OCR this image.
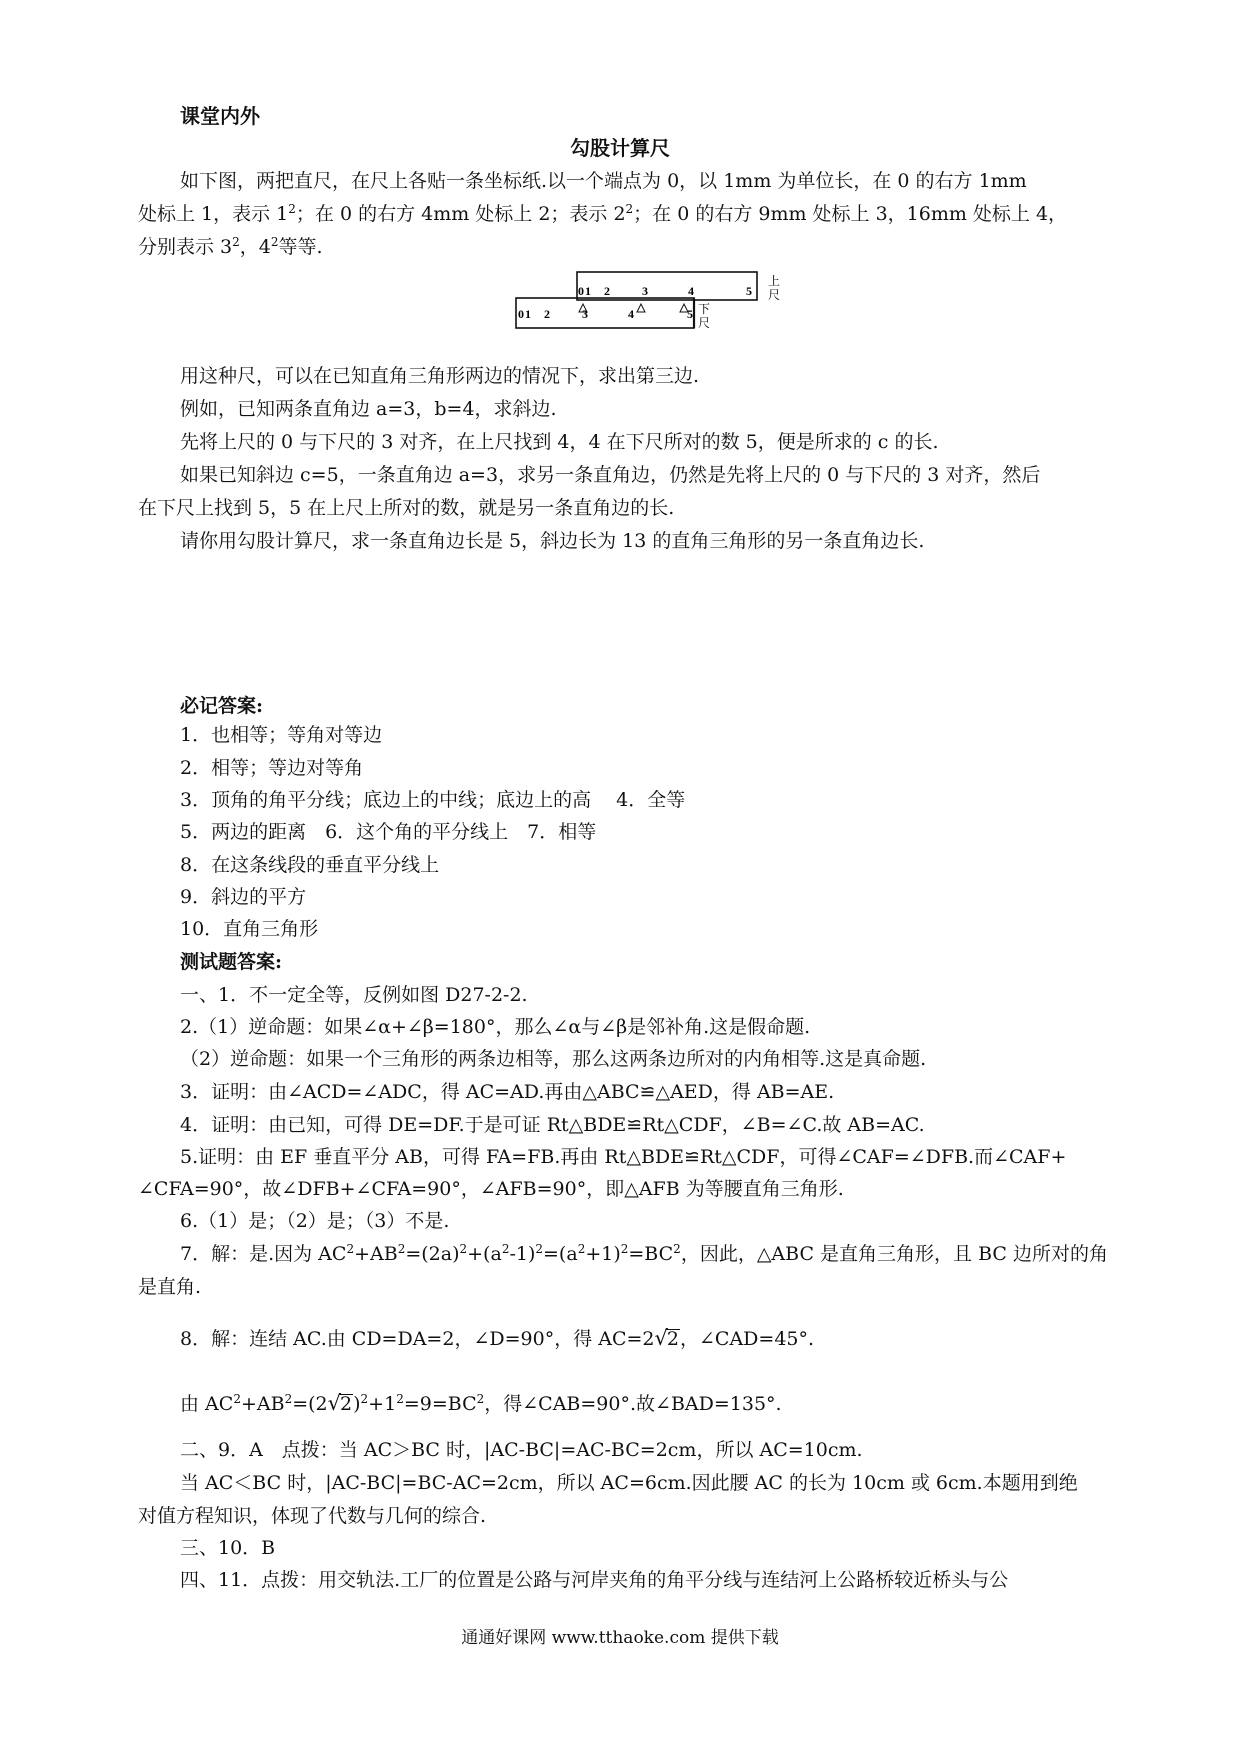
课堂内外
勾股计算尺
如下图，两把直尺，在尺上各贴一条坐标纸.以一个端点为 0，以 1mm 为单位长，在 0 的右方 1mm
处标上 1，表示 $1^2$；在 0 的右方 4mm 处标上 2；表示 $2^2$；在 0 的右方 9mm 处标上 3，16mm 处标上 4，
分别表示 $3^2$，$4^2$等等.
0 1 2	3	4	5
0 1 2	3	4	5
上
尺
下
尺
用这种尺，可以在已知直角三角形两边的情况下，求出第三边.
例如，已知两条直角边 a=3，b=4，求斜边.
先将上尺的 0 与下尺的 3 对齐，在上尺找到 4，4 在下尺所对的数 5，便是所求的 c 的长.
如果已知斜边 c=5，一条直角边 a=3，求另一条直角边，仍然是先将上尺的 0 与下尺的 3 对齐，然后
在下尺上找到 5，5 在上尺上所对的数，就是另一条直角边的长.
请你用勾股计算尺，求一条直角边长是 5，斜边长为 13 的直角三角形的另一条直角边长.
必记答案:
1．也相等；等角对等边
2．相等；等边对等角
3．顶角的角平分线；底边上的中线；底边上的高　 4．全等
5．两边的距离　6．这个角的平分线上　7．相等
8．在这条线段的垂直平分线上
9．斜边的平方
10．直角三角形
测试题答案:
一、1．不一定全等，反例如图 D27-2-2.
2.（1）逆命题：如果∠α+∠β=180°，那么∠α与∠β是邻补角.这是假命题.
（2）逆命题：如果一个三角形的两条边相等，那么这两条边所对的内角相等.这是真命题.
3．证明：由∠ACD=∠ADC，得 AC=AD.再由△ABC≌△AED，得 AB=AE.
4．证明：由已知，可得 DE=DF.于是可证 Rt△BDE≌Rt△CDF，∠B=∠C.故 AB=AC.
5.证明：由 EF 垂直平分 AB，可得 FA=FB.再由 Rt△BDE≌Rt△CDF，可得∠CAF=∠DFB.而∠CAF+
∠CFA=90°，故∠DFB+∠CFA=90°，∠AFB=90°，即△AFB 为等腰直角三角形.
6.（1）是；（2）是；（3）不是.
7．解：是.因为 $AC^2+AB^2=(2a)^2+(a^2-1)^2=(a^2+1)^2=BC^2$，因此，△ABC 是直角三角形，且 BC 边所对的角
是直角.
8．解：连结 AC.由 CD=DA=2，∠D=90°，得 AC=2√2，∠CAD=45°.
由 $AC^2+AB^2=(2√2)^2+1^2=9=BC^2$，得∠CAB=90°.故∠BAD=135°.
二、9．A　点拨：当 AC＞BC 时，|AC-BC|=AC-BC=2cm，所以 AC=10cm.
当 AC＜BC 时，|AC-BC|=BC-AC=2cm，所以 AC=6cm.因此腰 AC 的长为 10cm 或 6cm.本题用到绝
对值方程知识，体现了代数与几何的综合.
三、10．B
四、11．点拨：用交轨法.工厂的位置是公路与河岸夹角的角平分线与连结河上公路桥较近桥头与公
通通好课网 www.tthaoke.com 提供下载
